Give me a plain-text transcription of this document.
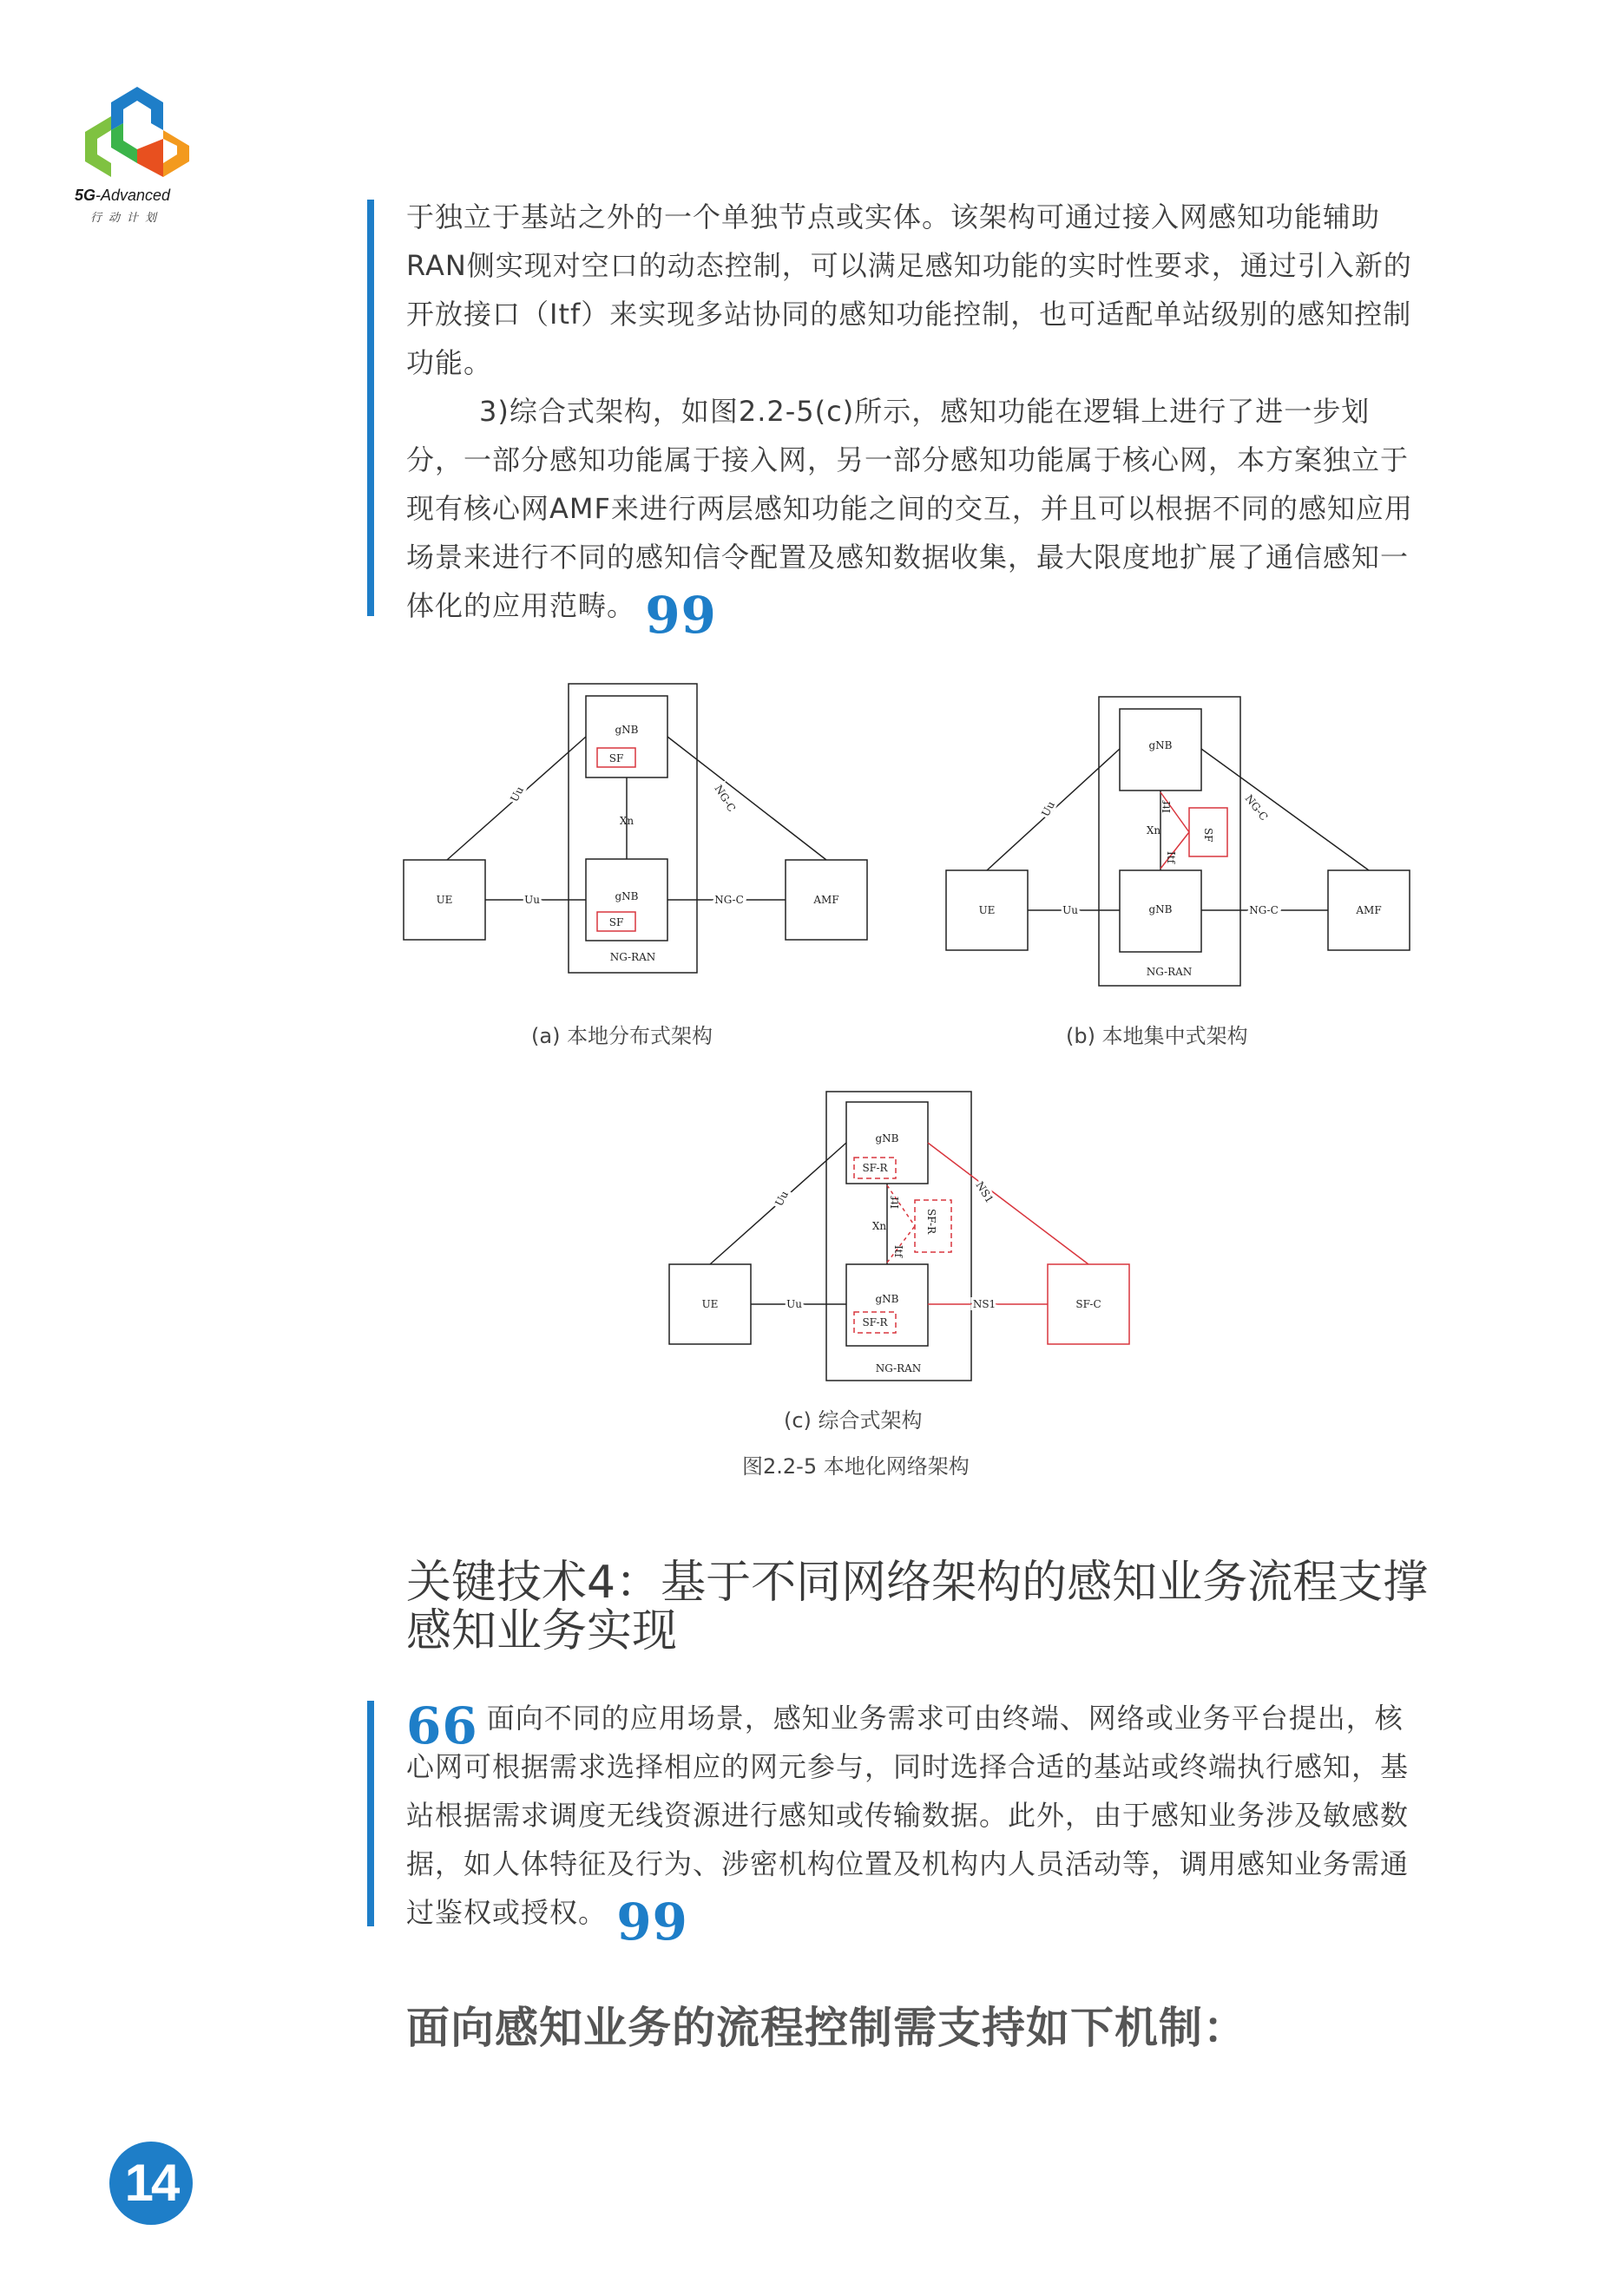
5G-Advanced
行动计划	于独立于基站之外的一个单独节点或实体。该架构可通过接入网感知功能辅助RAN侧实现对空口的动态控制，可以满足感知功能的实时性要求，通过引入新的开放接口（Itf）来实现多站协同的感知功能控制，也可适配单站级别的感知控制功能。

3)综合式架构，如图2.2-5(c)所示，感知功能在逻辑上进行了进一步划分，一部分感知功能属于接入网，另一部分感知功能属于核心网，本方案独立于现有核心网AMF来进行两层感知功能之间的交互，并且可以根据不同的感知应用场景来进行不同的感知信令配置及感知数据收集，最大限度地扩展了通信感知一体化的应用范畴。 99

gNB
SF
Xn
gNB
SF
UE	AMF
Uu	NG-C
NG-RAN
Uu	NG-C
(a) 本地分布式架构
gNB
gNB
Xn	SF
Itf
Itf
UE	AMF
Uu	NG-C
NG-RAN
Uu	NG-C
(b) 本地集中式架构
gNB
SF-R
gNB
SF-R
Xn	SF-R
Itf
Itf
UE	SF-C
Uu	NS1
NG-RAN
Uu	NS1
(c) 综合式架构
图2.2-5 本地化网络架构
关键技术4：基于不同网络架构的感知业务流程支撑感知业务实现

66 面向不同的应用场景，感知业务需求可由终端、网络或业务平台提出，核心网可根据需求选择相应的网元参与，同时选择合适的基站或终端执行感知，基站根据需求调度无线资源进行感知或传输数据。此外，由于感知业务涉及敏感数据，如人体特征及行为、涉密机构位置及机构内人员活动等，调用感知业务需通过鉴权或授权。 99

面向感知业务的流程控制需支持如下机制：
14
